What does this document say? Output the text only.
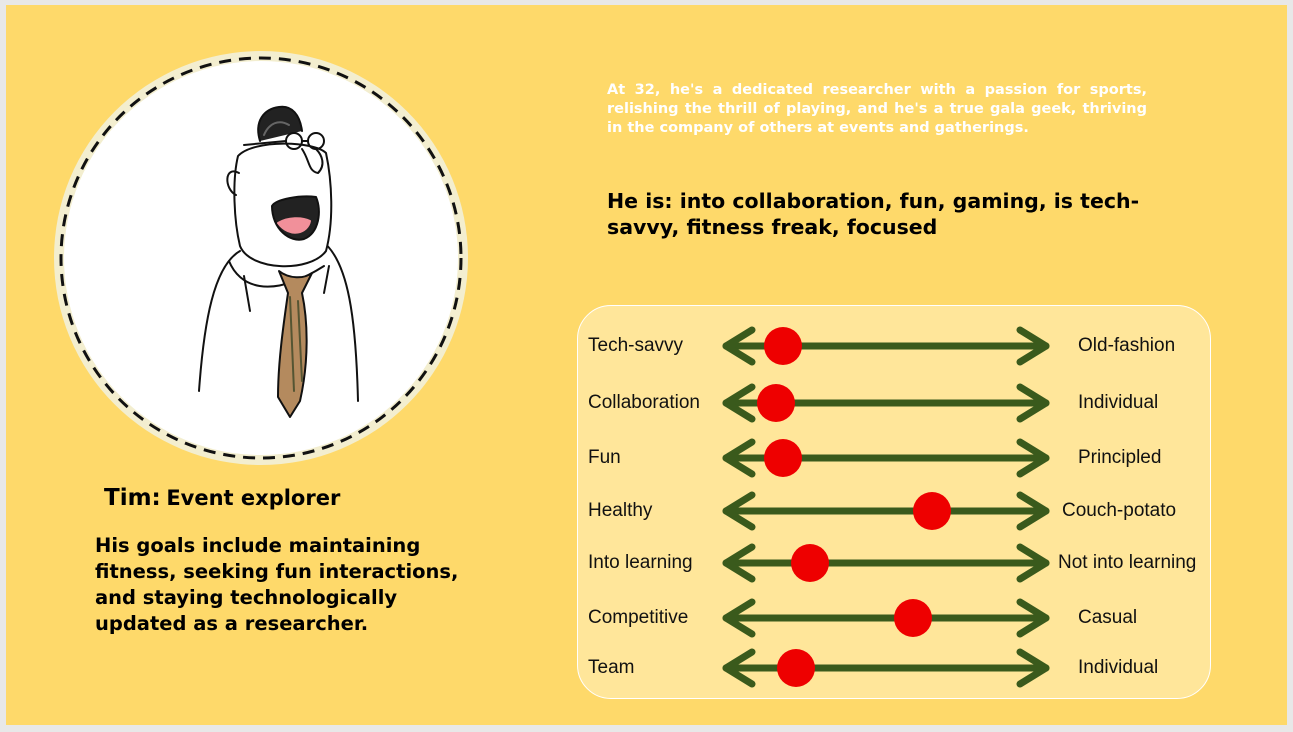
Tim: Event explorer
His goals include maintaining fitness, seeking fun interactions, and staying technologically updated as a researcher.
At 32, he's a dedicated researcher with a passion for sports, relishing the thrill of playing, and he's a true gala geek, thriving in the company of others at events and gatherings.
He is: into collaboration, fun, gaming, is tech-savvy, fitness freak, focused
Tech-savvy	Old-fashion
Collaboration	Individual
Fun	Principled
Healthy	Couch-potato
Into learning	Not into learning
Competitive	Casual
Team	Individual
